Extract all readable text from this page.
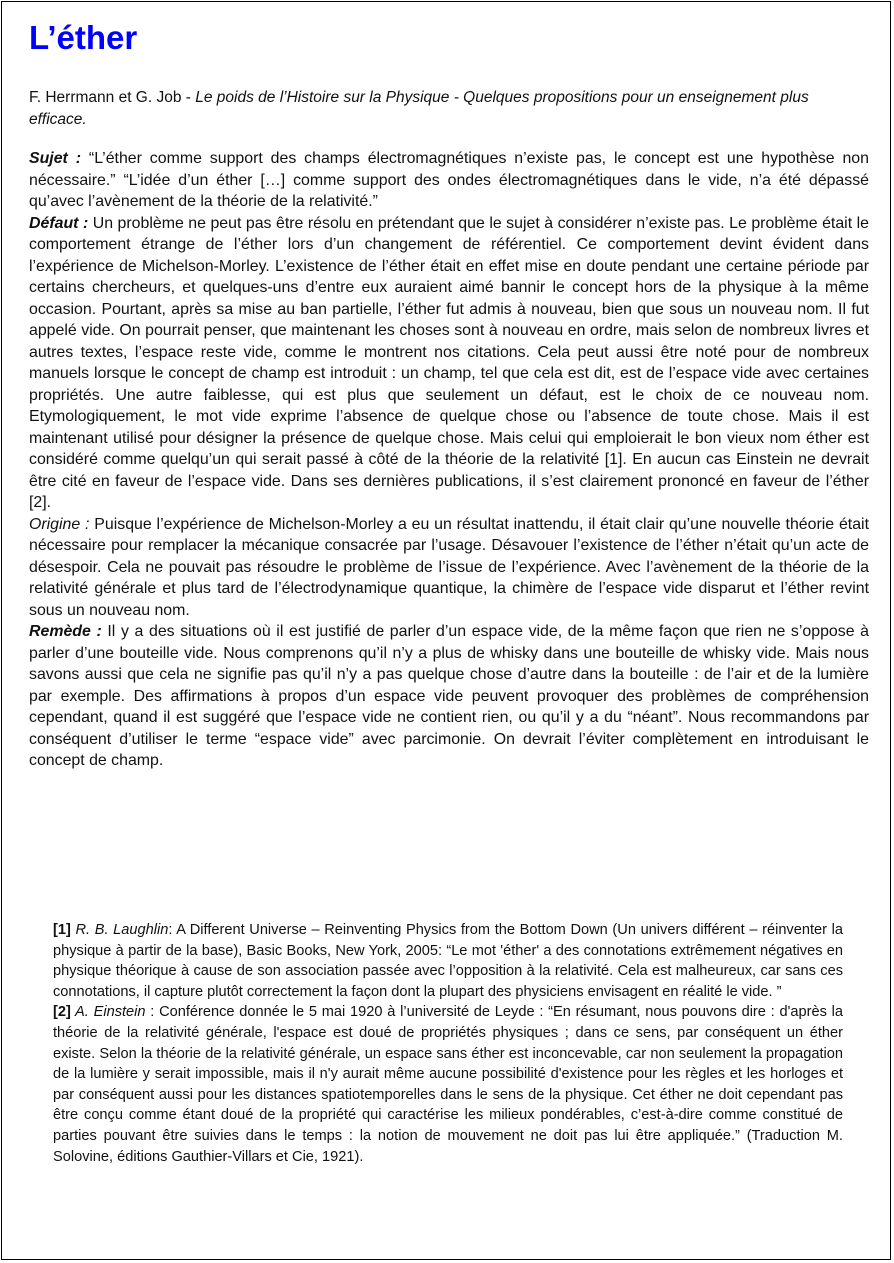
L’éther

F. Herrmann et G. Job - Le poids de l’Histoire sur la Physique - Quelques propositions pour un enseignement plus efficace.

Sujet : “L’éther comme support des champs électromagnétiques n’existe pas, le concept est une hypothèse non nécessaire.” “L’idée d’un éther […] comme support des ondes électromagnétiques dans le vide, n’a été dépassé qu’avec l’avènement de la théorie de la relativité.”

Défaut : Un problème ne peut pas être résolu en prétendant que le sujet à considérer n’existe pas. Le problème était le comportement étrange de l’éther lors d’un changement de référentiel. Ce comportement devint évident dans l’expérience de Michelson-Morley. L’existence de l’éther était en effet mise en doute pendant une certaine période par certains chercheurs, et quelques-uns d’entre eux auraient aimé bannir le concept hors de la physique à la même occasion. Pourtant, après sa mise au ban partielle, l’éther fut admis à nouveau, bien que sous un nouveau nom. Il fut appelé vide. On pourrait penser, que maintenant les choses sont à nouveau en ordre, mais selon de nombreux livres et autres textes, l’espace reste vide, comme le montrent nos citations. Cela peut aussi être noté pour de nombreux manuels lorsque le concept de champ est introduit : un champ, tel que cela est dit, est de l’espace vide avec certaines propriétés. Une autre faiblesse, qui est plus que seulement un défaut, est le choix de ce nouveau nom. Etymologiquement, le mot vide exprime l’absence de quelque chose ou l’absence de toute chose. Mais il est maintenant utilisé pour désigner la présence de quelque chose. Mais celui qui emploierait le bon vieux nom éther est considéré comme quelqu’un qui serait passé à côté de la théorie de la relativité [1]. En aucun cas Einstein ne devrait être cité en faveur de l’espace vide. Dans ses dernières publications, il s’est clairement prononcé en faveur de l’éther [2].

Origine : Puisque l’expérience de Michelson-Morley a eu un résultat inattendu, il était clair qu’une nouvelle théorie était nécessaire pour remplacer la mécanique consacrée par l’usage. Désavouer l’existence de l’éther n’était qu’un acte de désespoir. Cela ne pouvait pas résoudre le problème de l’issue de l’expérience. Avec l’avènement de la théorie de la relativité générale et plus tard de l’électrodynamique quantique, la chimère de l’espace vide disparut et l’éther revint sous un nouveau nom.

Remède : Il y a des situations où il est justifié de parler d’un espace vide, de la même façon que rien ne s’oppose à parler d’une bouteille vide. Nous comprenons qu’il n’y a plus de whisky dans une bouteille de whisky vide. Mais nous savons aussi que cela ne signifie pas qu’il n’y a pas quelque chose d’autre dans la bouteille : de l’air et de la lumière par exemple. Des affirmations à propos d’un espace vide peuvent provoquer des problèmes de compréhension cependant, quand il est suggéré que l’espace vide ne contient rien, ou qu’il y a du “néant”. Nous recommandons par conséquent d’utiliser le terme “espace vide” avec parcimonie. On devrait l’éviter complètement en introduisant le concept de champ.

[1] R. B. Laughlin: A Different Universe – Reinventing Physics from the Bottom Down (Un univers différent – réinventer la physique à partir de la base), Basic Books, New York, 2005: “Le mot 'éther' a des connotations extrêmement négatives en physique théorique à cause de son association passée avec l’opposition à la relativité. Cela est malheureux, car sans ces connotations, il capture plutôt correctement la façon dont la plupart des physiciens envisagent en réalité le vide. ”

[2] A. Einstein : Conférence donnée le 5 mai 1920 à l’université de Leyde : “En résumant, nous pouvons dire : d'après la théorie de la relativité générale, l'espace est doué de propriétés physiques ; dans ce sens, par conséquent un éther existe. Selon la théorie de la relativité générale, un espace sans éther est inconcevable, car non seulement la propagation de la lumière y serait impossible, mais il n'y aurait même aucune possibilité d'existence pour les règles et les horloges et par conséquent aussi pour les distances spatiotemporelles dans le sens de la physique. Cet éther ne doit cependant pas être conçu comme étant doué de la propriété qui caractérise les milieux pondérables, c’est-à-dire comme constitué de parties pouvant être suivies dans le temps : la notion de mouvement ne doit pas lui être appliquée.” (Traduction M. Solovine, éditions Gauthier-Villars et Cie, 1921).
